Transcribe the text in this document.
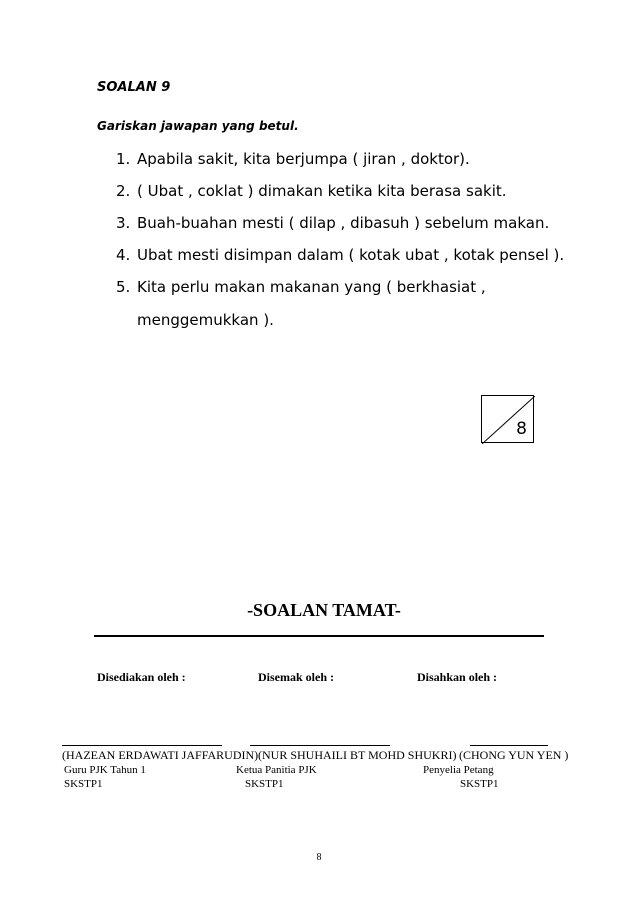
SOALAN 9
Gariskan jawapan yang betul.
1. Apabila sakit, kita berjumpa ( jiran , doktor).
2. ( Ubat , coklat ) dimakan ketika kita berasa sakit.
3. Buah-buahan mesti ( dilap , dibasuh ) sebelum makan.
4. Ubat mesti disimpan dalam ( kotak ubat , kotak pensel ).
5. Kita perlu makan makanan yang ( berkhasiat ,
menggemukkan ).
8
-SOALAN TAMAT-
Disediakan oleh :	Disemak oleh :	Disahkan oleh :
(HAZEAN ERDAWATI JAFFARUDIN) (NUR SHUHAILI BT MOHD SHUKRI) (CHONG YUN YEN )
Guru PJK Tahun 1	Ketua Panitia PJK	Penyelia Petang
SKSTP1	SKSTP1	SKSTP1
8
